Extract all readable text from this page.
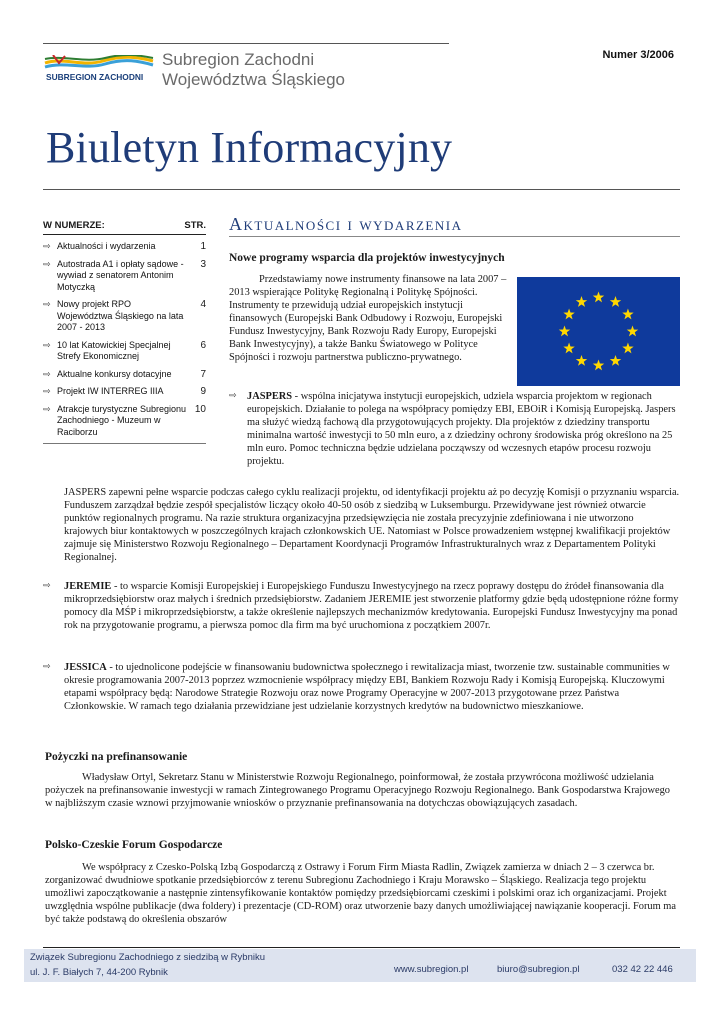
SUBREGION ZACHODNI
Subregion Zachodni
Województwa Śląskiego
Numer 3/2006
Biuletyn Informacyjny
W NUMERZE:	STR.
⇨ Aktualności i wydarzenia	1
⇨ Autostrada A1 i opłaty sądowe - wywiad z senatorem Antonim Motyczką
3
⇨ Nowy projekt RPO Województwa Śląskiego na lata 2007 - 2013
4
⇨ 10 lat Katowickiej Specjalnej Strefy Ekonomicznej
6
⇨ Aktualne konkursy dotacyjne	7
⇨ Projekt IW INTERREG IIIA	9
⇨ Atrakcje turystyczne Subregionu Zachodniego - Muzeum w Raciborzu
10
Aktualności i wydarzenia
Nowe programy wsparcia dla projektów inwestycyjnych

Przedstawiamy nowe instrumenty finansowe na lata 2007 – 2013 wspierające Politykę Regionalną i Politykę Spójności. Instrumenty te przewidują udział europejskich instytucji finansowych (Europejski Bank Odbudowy i Rozwoju, Europejski Fundusz Inwestycyjny, Bank Rozwoju Rady Europy, Europejski Bank Inwestycyjny), a także Banku Światowego w Polityce Spójności i rozwoju partnerstwa publiczno-prywatnego.

⇨ JASPERS - wspólna inicjatywa instytucji europejskich, udziela wsparcia projektom w regionach europejskich. Działanie to polega na współpracy pomiędzy EBI, EBOiR i Komisją Europejską. Jaspers ma służyć wiedzą fachową dla przygotowujących projekty. Dla projektów z dziedziny transportu minimalna wartość inwestycji to 50 mln euro, a z dziedziny ochrony środowiska próg określono na 25 mln euro. Pomoc techniczna będzie udzielana począwszy od wczesnych etapów procesu rozwoju projektu.
JASPERS zapewni pełne wsparcie podczas całego cyklu realizacji projektu, od identyfikacji projektu aż po decyzję Komisji o przyznaniu wsparcia. Funduszem zarządzał będzie zespół specjalistów liczący około 40-50 osób z siedzibą w Luksemburgu. Przewidywane jest również otwarcie punktów regionalnych programu. Na razie struktura organizacyjna przedsięwzięcia nie została precyzyjnie zdefiniowana i nie utworzono krajowych biur kontaktowych w poszczególnych krajach członkowskich UE. Natomiast w Polsce prowadzeniem wstępnej kwalifikacji projektów zajmuje się Ministerstwo Rozwoju Regionalnego – Departament Koordynacji Programów Infrastrukturalnych wraz z Departamentem Polityki Regionalnej.
⇨ JEREMIE - to wsparcie Komisji Europejskiej i Europejskiego Funduszu Inwestycyjnego na rzecz poprawy dostępu do źródeł finansowania dla mikroprzedsiębiorstw oraz małych i średnich przedsiębiorstw. Zadaniem JEREMIE jest stworzenie platformy gdzie będą udostępnione różne formy pomocy dla MŚP i mikroprzedsiębiorstw, a także określenie najlepszych mechanizmów kredytowania. Europejski Fundusz Inwestycyjny ma ponad rok na przygotowanie programu, a pierwsza pomoc dla firm ma być uruchomiona z początkiem 2007r.
⇨ JESSICA - to ujednolicone podejście w finansowaniu budownictwa społecznego i rewitalizacja miast, tworzenie tzw. sustainable communities w okresie programowania 2007-2013 poprzez wzmocnienie współpracy między EBI, Bankiem Rozwoju Rady i Komisją Europejską. Kluczowymi etapami współpracy będą: Narodowe Strategie Rozwoju oraz nowe Programy Operacyjne w 2007-2013 przygotowane przez Państwa Członkowskie. W ramach tego działania przewidziane jest udzielanie korzystnych kredytów na budownictwo mieszkaniowe.
Pożyczki na prefinansowanie
Władysław Ortyl, Sekretarz Stanu w Ministerstwie Rozwoju Regionalnego, poinformował, że została przywrócona możliwość udzielania pożyczek na prefinansowanie inwestycji w ramach Zintegrowanego Programu Operacyjnego Rozwoju Regionalnego. Bank Gospodarstwa Krajowego w najbliższym czasie wznowi przyjmowanie wniosków o przyznanie prefinansowania na dotychczas obowiązujących zasadach.
Polsko-Czeskie Forum Gospodarcze
We współpracy z Czesko-Polską Izbą Gospodarczą z Ostrawy i Forum Firm Miasta Radlin, Związek zamierza w dniach 2 – 3 czerwca br. zorganizować dwudniowe spotkanie przedsiębiorców z terenu Subregionu Zachodniego i Kraju Morawsko – Śląskiego. Realizacja tego projektu umożliwi zapoczątkowanie a następnie zintensyfikowanie kontaktów pomiędzy przedsiębiorcami czeskimi i polskimi oraz ich organizacjami. Projekt uwzględnia wspólne publikacje (dwa foldery) i prezentacje (CD-ROM) oraz utworzenie bazy danych umożliwiającej nawiązanie kooperacji. Forum ma być także podstawą do określenia obszarów
Związek Subregionu Zachodniego z siedzibą w Rybniku
ul. J. F. Białych 7, 44-200 Rybnik	www.subregion.pl	biuro@subregion.pl	032 42 22 446
